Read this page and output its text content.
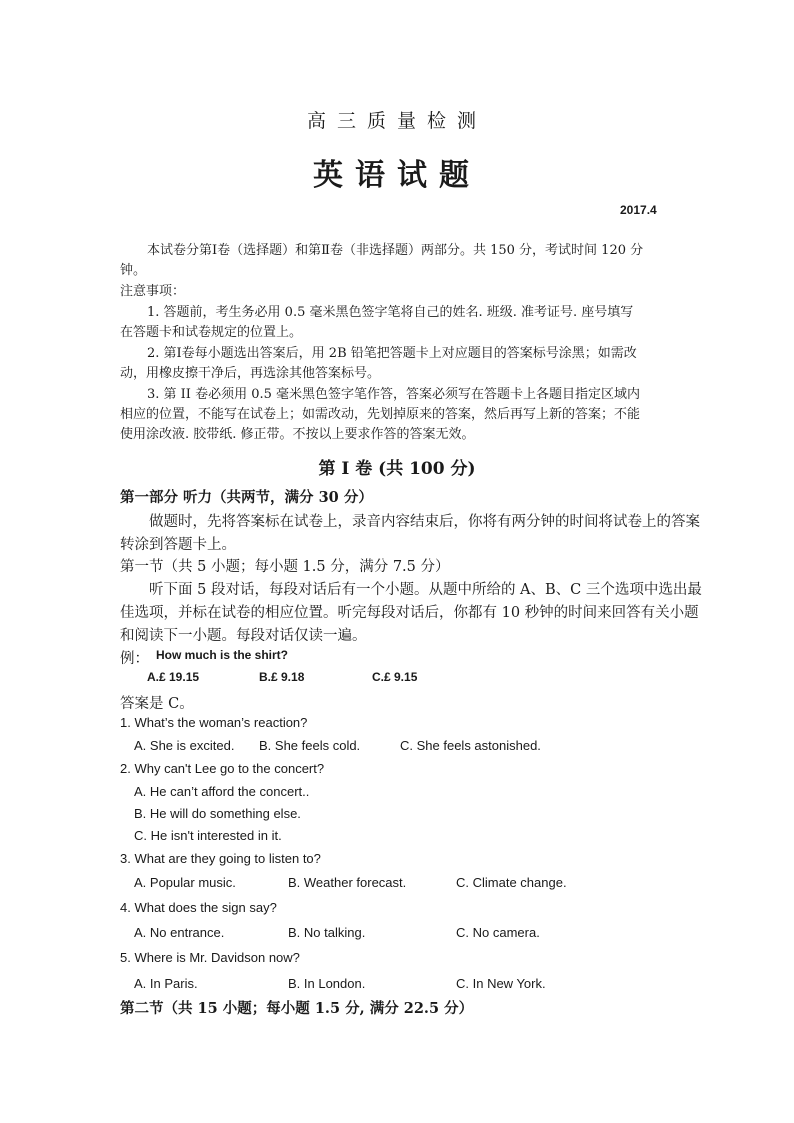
高三质量检测
英语试题
2017.4
本试卷分第Ⅰ卷（选择题）和第Ⅱ卷（非选择题）两部分。共 150 分，考试时间 120 分
钟。
注意事项：
1. 答题前，考生务必用 0.5 毫米黑色签字笔将自己的姓名. 班级. 准考证号. 座号填写
在答题卡和试卷规定的位置上。
2. 第Ⅰ卷每小题选出答案后，用 2B 铅笔把答题卡上对应题目的答案标号涂黑；如需改
动，用橡皮擦干净后，再选涂其他答案标号。
3. 第 II 卷必须用 0.5 毫米黑色签字笔作答，答案必须写在答题卡上各题目指定区域内
相应的位置，不能写在试卷上；如需改动，先划掉原来的答案，然后再写上新的答案；不能
使用涂改液. 胶带纸. 修正带。不按以上要求作答的答案无效。
第 I 卷 (共 100 分)
第一部分 听力（共两节，满分 30 分）
做题时，先将答案标在试卷上，录音内容结束后，你将有两分钟的时间将试卷上的答案
转涂到答题卡上。
第一节（共 5 小题；每小题 1.5 分，满分 7.5 分）
听下面 5 段对话，每段对话后有一个小题。从题中所给的 A、B、C 三个选项中选出最
佳选项，并标在试卷的相应位置。听完每段对话后，你都有 10 秒钟的时间来回答有关小题
和阅读下一小题。每段对话仅读一遍。
例： How much is the shirt?
A.£ 19.15	B.£ 9.18	C.£ 9.15
答案是 C。
1. What’s the woman’s reaction?
A. She is excited. B. She feels cold.	C. She feels astonished.
2. Why can't Lee go to the concert?
A. He can’t afford the concert..
B. He will do something else.
C. He isn't interested in it.
3. What are they going to listen to?
A. Popular music.	B. Weather forecast.	C. Climate change.
4. What does the sign say?
A. No entrance.	B. No talking.	C. No camera.
5. Where is Mr. Davidson now?
A. In Paris.	B. In London.	C. In New York.
第二节（共 15 小题；每小题 1.5 分, 满分 22.5 分）
